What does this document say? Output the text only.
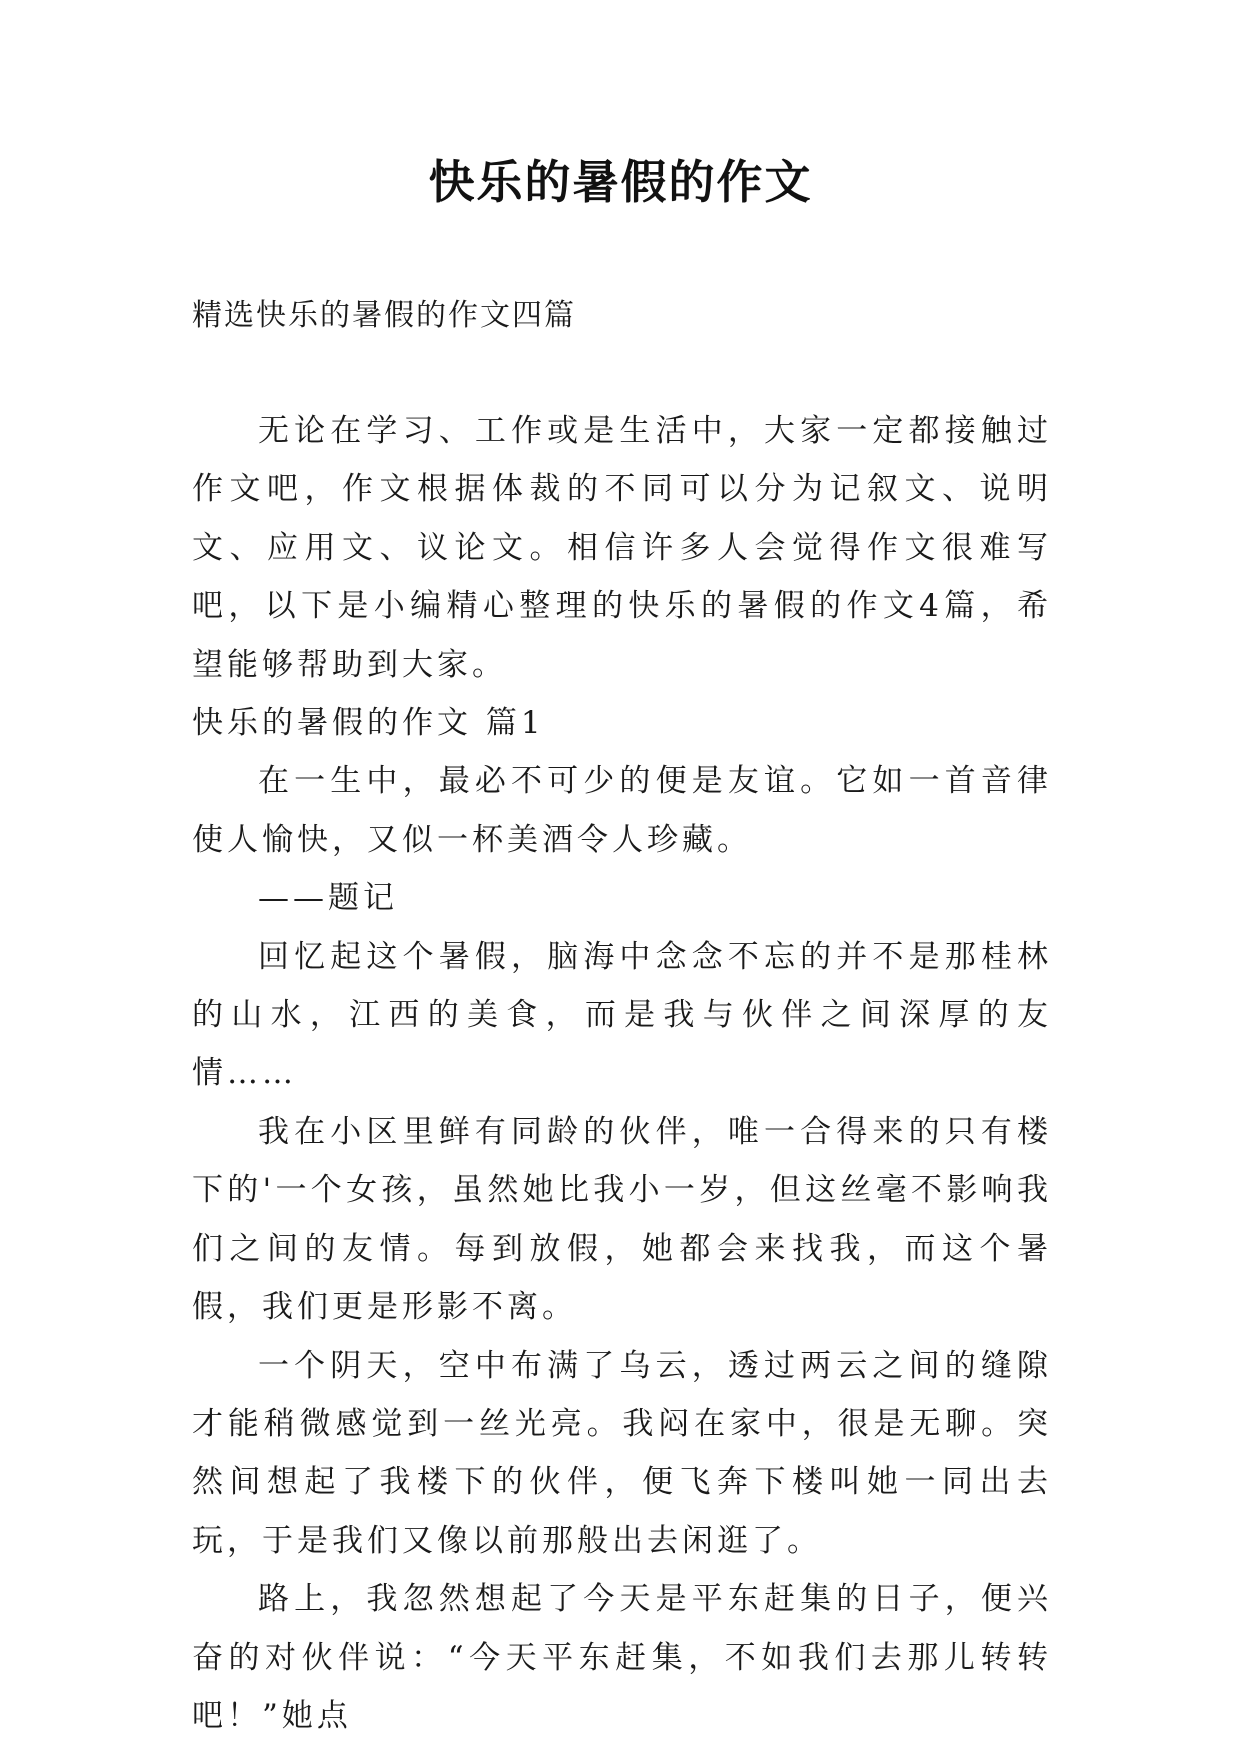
快乐的暑假的作文
精选快乐的暑假的作文四篇

无论在学习、工作或是生活中，大家一定都接触过作文吧，作文根据体裁的不同可以分为记叙文、说明文、应用文、议论文。相信许多人会觉得作文很难写吧，以下是小编精心整理的快乐的暑假的作文4篇，希望能够帮助到大家。

快乐的暑假的作文 篇1

在一生中，最必不可少的便是友谊。它如一首音律使人愉快，又似一杯美酒令人珍藏。

——题记

回忆起这个暑假，脑海中念念不忘的并不是那桂林的山水，江西的美食，而是我与伙伴之间深厚的友情……

我在小区里鲜有同龄的伙伴，唯一合得来的只有楼下的'一个女孩，虽然她比我小一岁，但这丝毫不影响我们之间的友情。每到放假，她都会来找我，而这个暑假，我们更是形影不离。

一个阴天，空中布满了乌云，透过两云之间的缝隙才能稍微感觉到一丝光亮。我闷在家中，很是无聊。突然间想起了我楼下的伙伴，便飞奔下楼叫她一同出去玩，于是我们又像以前那般出去闲逛了。

路上，我忽然想起了今天是平东赶集的日子，便兴奋的对伙伴说：“今天平东赶集，不如我们去那儿转转吧！”她点
